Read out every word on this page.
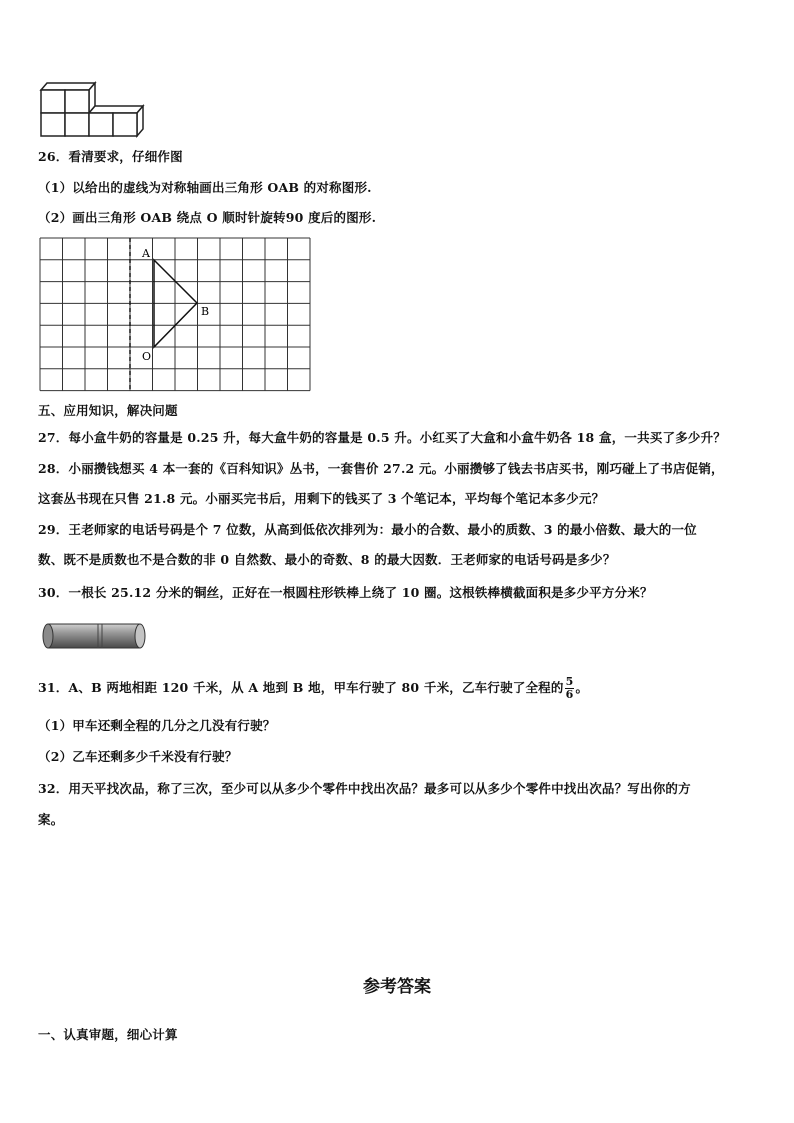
26．看清要求，仔细作图
（1）以给出的虚线为对称轴画出三角形 OAB 的对称图形.
（2）画出三角形 OAB 绕点 O 顺时针旋转90 度后的图形.
A
B
O
五、应用知识，解决问题
27．每小盒牛奶的容量是 0.25 升，每大盒牛奶的容量是 0.5 升。小红买了大盒和小盒牛奶各 18 盒，一共买了多少升？
28．小丽攒钱想买 4 本一套的《百科知识》丛书，一套售价 27.2 元。小丽攒够了钱去书店买书，刚巧碰上了书店促销，
这套丛书现在只售 21.8 元。小丽买完书后，用剩下的钱买了 3 个笔记本，平均每个笔记本多少元？
29．王老师家的电话号码是个 7 位数，从高到低依次排列为：最小的合数、最小的质数、3 的最小倍数、最大的一位
数、既不是质数也不是合数的非 0 自然数、最小的奇数、8 的最大因数．王老师家的电话号码是多少？
30．一根长 25.12 分米的铜丝，正好在一根圆柱形铁棒上绕了 10 圈。这根铁棒横截面积是多少平方分米？
31．A、B 两地相距 120 千米，从 A 地到 B 地，甲车行驶了 80 千米，乙车行驶了全程的 $\frac{5}{6}$ 。
（1）甲车还剩全程的几分之几没有行驶？
（2）乙车还剩多少千米没有行驶？
32．用天平找次品，称了三次，至少可以从多少个零件中找出次品？最多可以从多少个零件中找出次品？写出你的方
案。
参考答案
一、认真审题，细心计算
